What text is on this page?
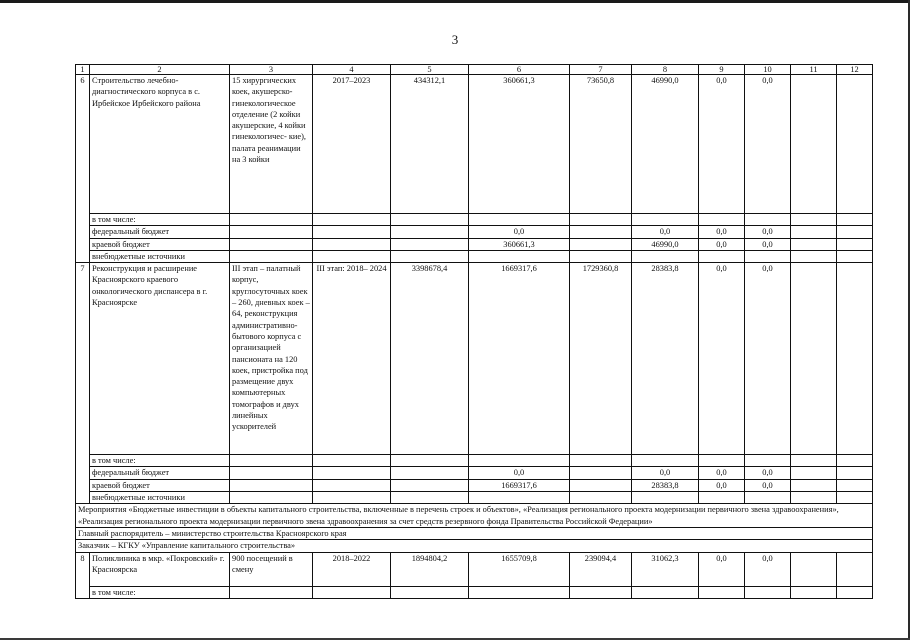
3
1	2	3	4	5	6	7	8	9	10	11	12
6	Строительство лечебно- диагностического корпуса в с. Ирбейское Ирбейского района	15 хирургических коек, акушерско- гинекологическое отделение (2 койки акушерские, 4 койки гинекологичес- кие), палата реанимации на 3 койки	2017–2023	434312,1	360661,3	73650,8	46990,0	0,0	0,0		
	в том числе:										
	федеральный бюджет				0,0		0,0	0,0	0,0		
	краевой бюджет				360661,3		46990,0	0,0	0,0		
	внебюджетные источники										
7	Реконструкция и расширение Красноярского краевого онкологического диспансера в г. Красноярске	III этап – палатный корпус, круглосуточных коек – 260, дневных коек – 64, реконструкция административно- бытового корпуса с организацией пансионата на 120 коек, пристройка под размещение двух компьютерных томографов и двух линейных ускорителей	III этап: 2018– 2024	3398678,4	1669317,6	1729360,8	28383,8	0,0	0,0		
	в том числе:										
	федеральный бюджет				0,0		0,0	0,0	0,0		
	краевой бюджет				1669317,6		28383,8	0,0	0,0		
	внебюджетные источники										
Мероприятия «Бюджетные инвестиции в объекты капитального строительства, включенные в перечень строек и объектов», «Реализация регионального проекта модернизации первичного звена здравоохранения», «Реализация регионального проекта модернизации первичного звена здравоохранения за счет средств резервного фонда Правительства Российской Федерации»											
Главный распорядитель – министерство строительства Красноярского края											
Заказчик – КГКУ «Управление капитального строительства»											
8	Поликлиника в мкр. «Покровский» г. Красноярска	900 посещений в смену	2018–2022	1894804,2	1655709,8	239094,4	31062,3	0,0	0,0		
	в том числе:										
